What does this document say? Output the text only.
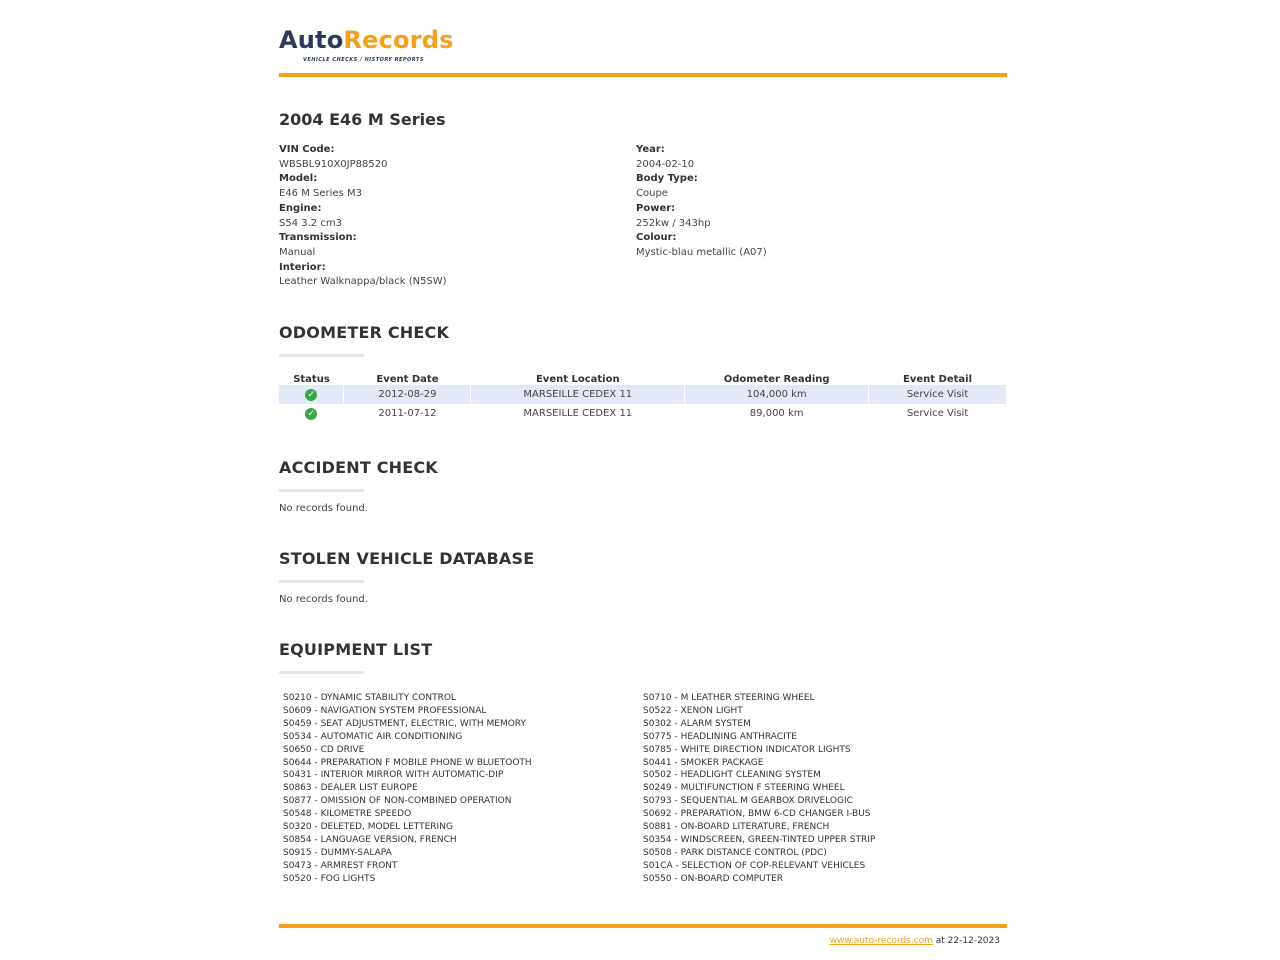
AutoRecords
VEHICLE CHECKS / HISTORY REPORTS
2004 E46 M Series
VIN Code:
WBSBL910X0JP88520
Model:
E46 M Series M3
Engine:
S54 3.2 cm3
Transmission:
Manual
Interior:
Leather Walknappa/black (N5SW)
Year:
2004-02-10
Body Type:
Coupe
Power:
252kw / 343hp
Colour:
Mystic-blau metallic (A07)
ODOMETER CHECK
Status	Event Date	Event Location	Odometer Reading	Event Detail
✓	2012-08-29	MARSEILLE CEDEX 11	104,000 km	Service Visit
✓	2011-07-12	MARSEILLE CEDEX 11	89,000 km	Service Visit
ACCIDENT CHECK
No records found.
STOLEN VEHICLE DATABASE
No records found.
EQUIPMENT LIST
S0210 - DYNAMIC STABILITY CONTROL
S0609 - NAVIGATION SYSTEM PROFESSIONAL
S0459 - SEAT ADJUSTMENT, ELECTRIC, WITH MEMORY
S0534 - AUTOMATIC AIR CONDITIONING
S0650 - CD DRIVE
S0644 - PREPARATION F MOBILE PHONE W BLUETOOTH
S0431 - INTERIOR MIRROR WITH AUTOMATIC-DIP
S0863 - DEALER LIST EUROPE
S0877 - OMISSION OF NON-COMBINED OPERATION
S0548 - KILOMETRE SPEEDO
S0320 - DELETED, MODEL LETTERING
S0854 - LANGUAGE VERSION, FRENCH
S0915 - DUMMY-SALAPA
S0473 - ARMREST FRONT
S0520 - FOG LIGHTS
S0710 - M LEATHER STEERING WHEEL
S0522 - XENON LIGHT
S0302 - ALARM SYSTEM
S0775 - HEADLINING ANTHRACITE
S0785 - WHITE DIRECTION INDICATOR LIGHTS
S0441 - SMOKER PACKAGE
S0502 - HEADLIGHT CLEANING SYSTEM
S0249 - MULTIFUNCTION F STEERING WHEEL
S0793 - SEQUENTIAL M GEARBOX DRIVELOGIC
S0692 - PREPARATION, BMW 6-CD CHANGER I-BUS
S0881 - ON-BOARD LITERATURE, FRENCH
S0354 - WINDSCREEN, GREEN-TINTED UPPER STRIP
S0508 - PARK DISTANCE CONTROL (PDC)
S01CA - SELECTION OF COP-RELEVANT VEHICLES
S0550 - ON-BOARD COMPUTER
www.auto-records.com at 22-12-2023
